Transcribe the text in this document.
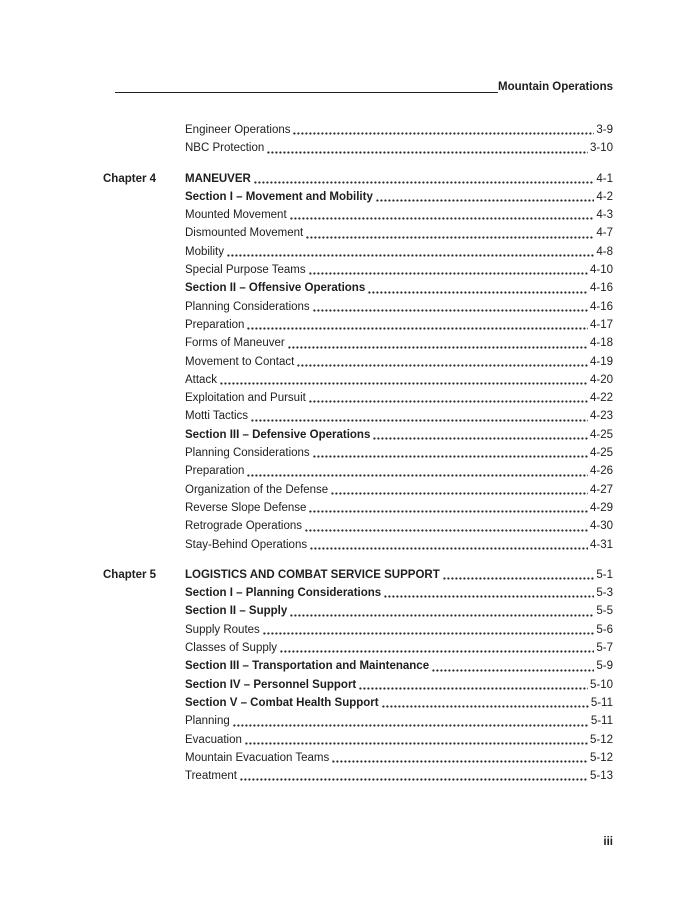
Mountain Operations
Engineer Operations	3-9
NBC Protection	3-10
Chapter 4	MANEUVER	4-1
Section I – Movement and Mobility	4-2
Mounted Movement	4-3
Dismounted Movement	4-7
Mobility	4-8
Special Purpose Teams	4-10
Section II – Offensive Operations	4-16
Planning Considerations	4-16
Preparation	4-17
Forms of Maneuver	4-18
Movement to Contact	4-19
Attack	4-20
Exploitation and Pursuit	4-22
Motti Tactics	4-23
Section III – Defensive Operations	4-25
Planning Considerations	4-25
Preparation	4-26
Organization of the Defense	4-27
Reverse Slope Defense	4-29
Retrograde Operations	4-30
Stay-Behind Operations	4-31
Chapter 5	LOGISTICS AND COMBAT SERVICE SUPPORT	5-1
Section I – Planning Considerations	5-3
Section II – Supply	5-5
Supply Routes	5-6
Classes of Supply	5-7
Section III – Transportation and Maintenance	5-9
Section IV – Personnel Support	5-10
Section V – Combat Health Support	5-11
Planning	5-11
Evacuation	5-12
Mountain Evacuation Teams	5-12
Treatment	5-13
iii
